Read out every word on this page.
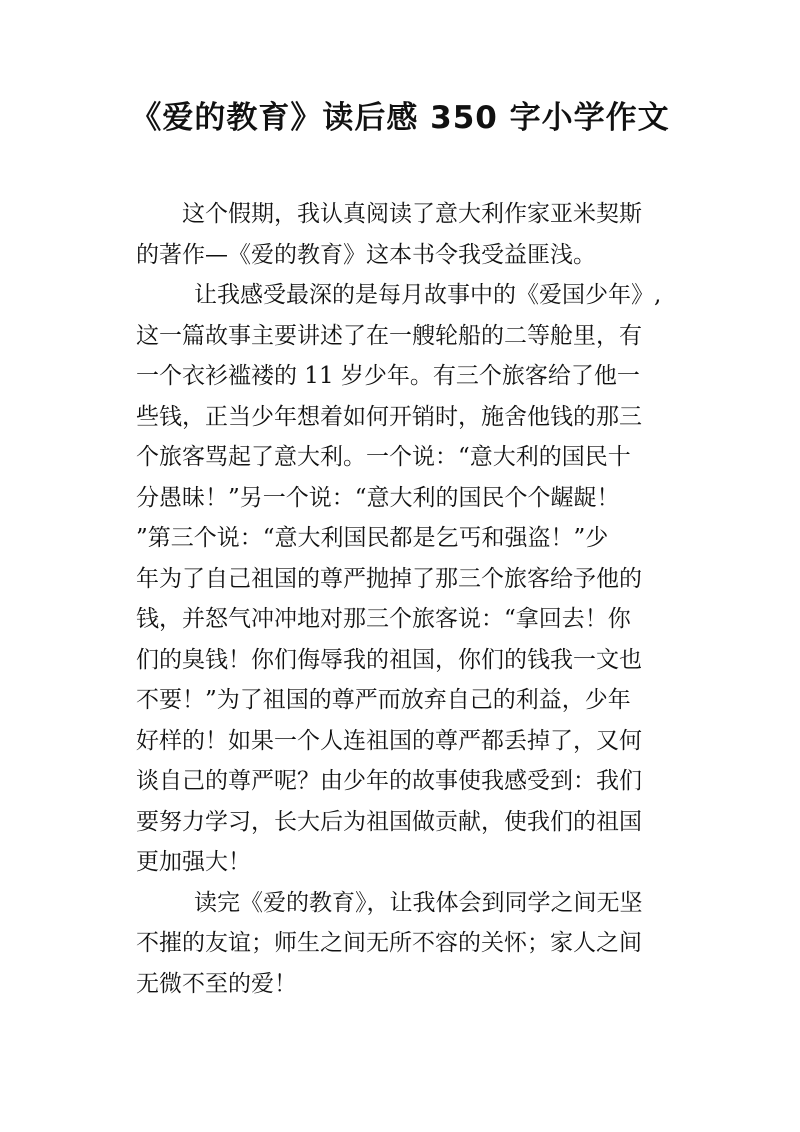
《爱的教育》读后感 350 字小学作文

这个假期，我认真阅读了意大利作家亚米契斯
的著作—《爱的教育》这本书令我受益匪浅。

让我感受最深的是每月故事中的《爱国少年》,
这一篇故事主要讲述了在一艘轮船的二等舱里，有
一个衣衫褴褛的 11 岁少年。有三个旅客给了他一
些钱，正当少年想着如何开销时，施舍他钱的那三
个旅客骂起了意大利。一个说：“意大利的国民十
分愚昧！”另一个说：“意大利的国民个个龌龊！
”第三个说：“意大利国民都是乞丐和强盗！”少
年为了自己祖国的尊严抛掉了那三个旅客给予他的
钱，并怒气冲冲地对那三个旅客说：“拿回去！你
们的臭钱！你们侮辱我的祖国，你们的钱我一文也
不要！”为了祖国的尊严而放弃自己的利益，少年
好样的！如果一个人连祖国的尊严都丢掉了，又何
谈自己的尊严呢？由少年的故事使我感受到：我们
要努力学习，长大后为祖国做贡献，使我们的祖国
更加强大！

读完《爱的教育》，让我体会到同学之间无坚
不摧的友谊；师生之间无所不容的关怀；家人之间
无微不至的爱！
